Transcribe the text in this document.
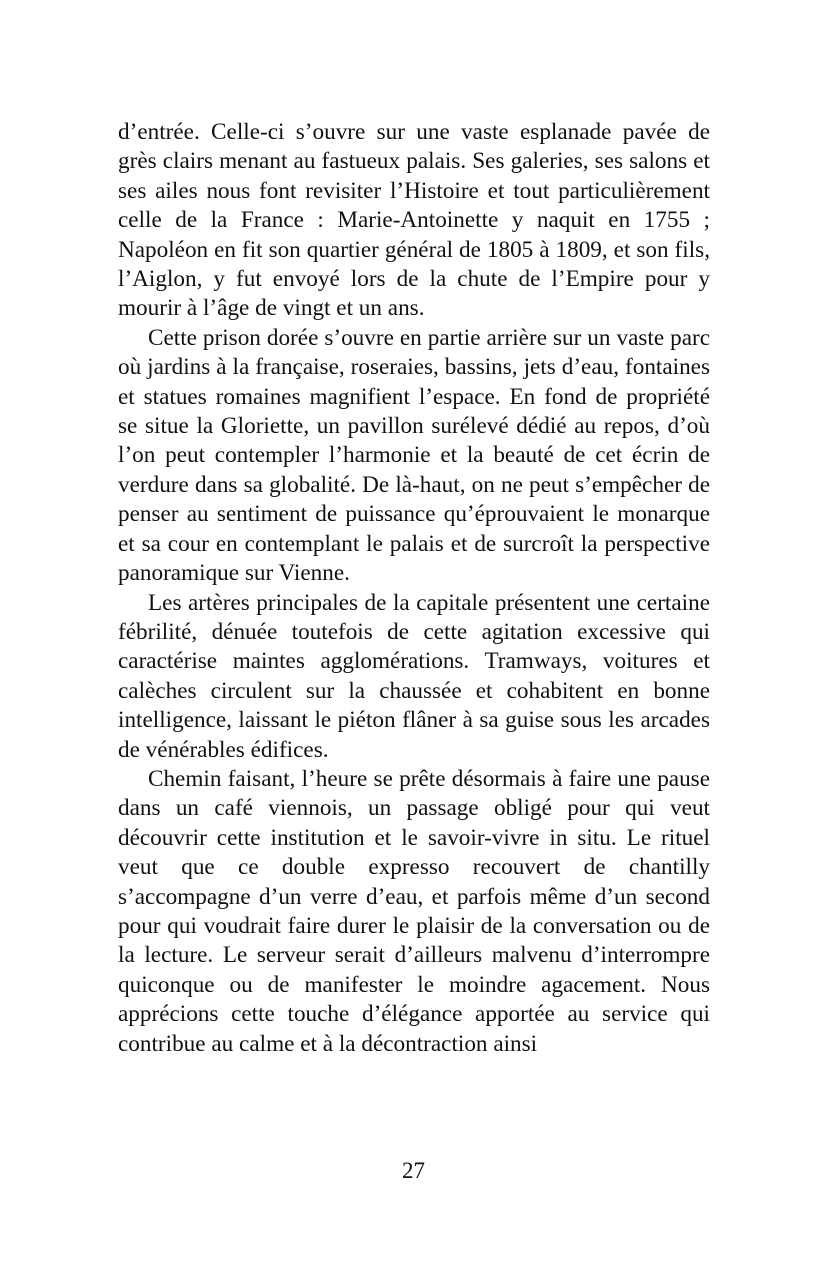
d’entrée. Celle-ci s’ouvre sur une vaste esplanade pavée de grès clairs menant au fastueux palais. Ses galeries, ses salons et ses ailes nous font revisiter l’Histoire et tout particulièrement celle de la France : Marie-Antoinette y naquit en 1755 ; Napoléon en fit son quartier général de 1805 à 1809, et son fils, l’Aiglon, y fut envoyé lors de la chute de l’Empire pour y mourir à l’âge de vingt et un ans.

Cette prison dorée s’ouvre en partie arrière sur un vaste parc où jardins à la française, roseraies, bassins, jets d’eau, fontaines et statues romaines magnifient l’espace. En fond de propriété se situe la Gloriette, un pavillon surélevé dédié au repos, d’où l’on peut contempler l’harmonie et la beauté de cet écrin de verdure dans sa globalité. De là-haut, on ne peut s’empêcher de penser au sentiment de puissance qu’éprouvaient le monarque et sa cour en contemplant le palais et de surcroît la perspective panoramique sur Vienne.

Les artères principales de la capitale présentent une certaine fébrilité, dénuée toutefois de cette agitation excessive qui caractérise maintes agglomérations. Tramways, voitures et calèches circulent sur la chaussée et cohabitent en bonne intelligence, laissant le piéton flâner à sa guise sous les arcades de vénérables édifices.

Chemin faisant, l’heure se prête désormais à faire une pause dans un café viennois, un passage obligé pour qui veut découvrir cette institution et le savoir-vivre in situ. Le rituel veut que ce double expresso recouvert de chantilly s’accompagne d’un verre d’eau, et parfois même d’un second pour qui voudrait faire durer le plaisir de la conversation ou de la lecture. Le serveur serait d’ailleurs malvenu d’interrompre quiconque ou de manifester le moindre agacement. Nous apprécions cette touche d’élégance apportée au service qui contribue au calme et à la décontraction ainsi

27
